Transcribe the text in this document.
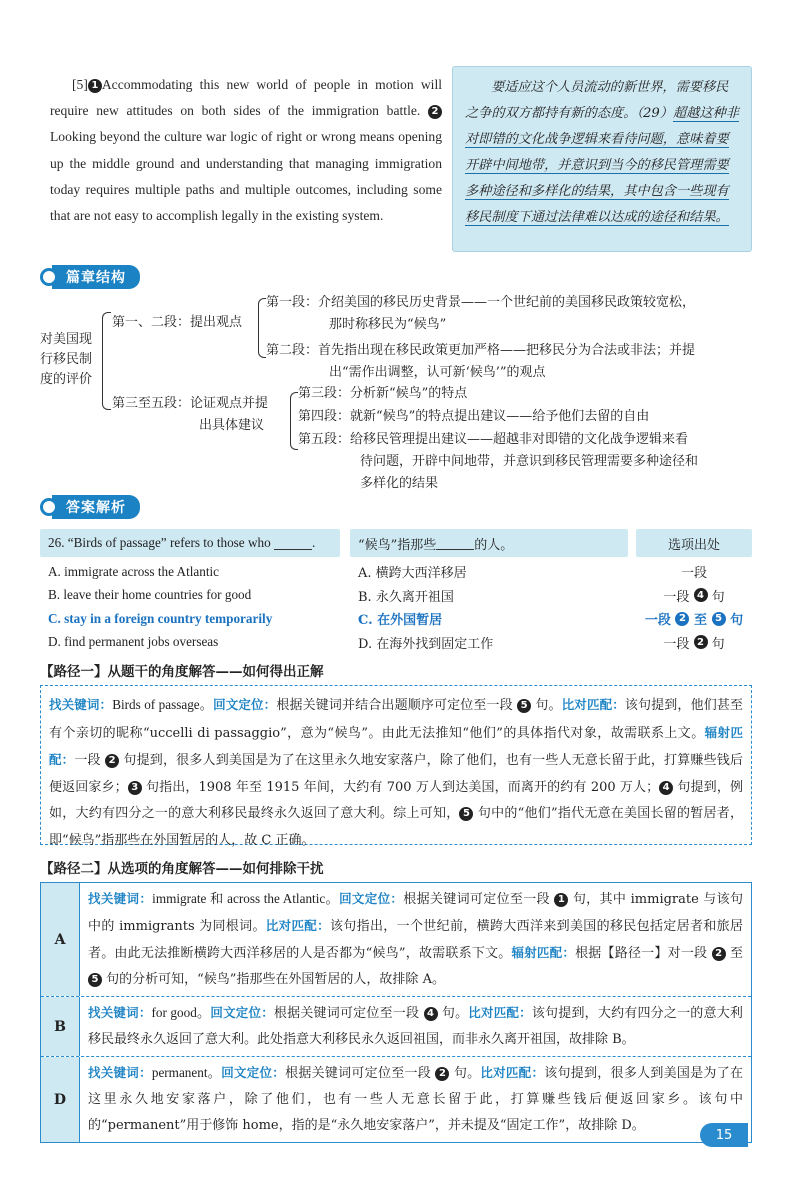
[5] 1 Accommodating this new world of people in motion will require new attitudes on both sides of the immigration battle. 2Looking beyond the culture war logic of right or wrong means opening up the middle ground and understanding that managing immigration today requires multiple paths and multiple outcomes, including some that are not easy to accomplish legally in the existing system.
要适应这个人员流动的新世界，需要移民之争的双方都持有新的态度。（29）超越这种非对即错的文化战争逻辑来看待问题，意味着要开辟中间地带，并意识到当今的移民管理需要多种途径和多样化的结果，其中包含一些现有移民制度下通过法律难以达成的途径和结果。
篇章结构
对美国现行移民制度的评价
第一、二段：提出观点
第一段：介绍美国的移民历史背景——一个世纪前的美国移民政策较宽松，
那时称移民为“候鸟”
第二段：首先指出现在移民政策更加严格——把移民分为合法或非法；并提
出“需作出调整，认可新‘候鸟’”的观点
第三至五段：论证观点并提
出具体建议
第三段：分析新“候鸟”的特点
第四段：就新“候鸟”的特点提出建议——给予他们去留的自由
第五段：给移民管理提出建议——超越非对即错的文化战争逻辑来看
待问题，开辟中间地带，并意识到移民管理需要多种途径和
多样化的结果
答案解析
26. “Birds of passage” refers to those who
	.
A. immigrate across the Atlantic
B. leave their home countries for good
C. stay in a foreign country temporarily
D. find permanent jobs overseas
“候鸟”指那些	的人。
A. 横跨大西洋移居
B. 永久离开祖国
C. 在外国暂居
D. 在海外找到固定工作
选项出处
一段
一段
4
句
一段
2
至
5 句
一段
2
句
【路径一】从题干的角度解答——如何得出正解
找关键词：Birds of passage。回文定位：根据关键词并结合出题顺序可定位至一段 5 句。比对匹配：该句提到，他们甚至有个亲切的昵称“uccelli di passaggio”，意为“候鸟”。由此无法推知“他们”的具体指代对象，故需联系上文。辐射匹配：一段 2 句提到，很多人到美国是为了在这里永久地安家落户，除了他们，也有一些人无意长留于此，打算赚些钱后便返回家乡； 3 句指出，1908 年至 1915 年间，大约有 700 万人到达美国，而离开的约有 200 万人； 4 句提到，例如，大约有四分之一的意大利移民最终永久返回了意大利。综上可知， 5 句中的“他们”指代无意在美国长留的暂居者，即“候鸟”指那些在外国暂居的人，故 C 正确。
【路径二】从选项的角度解答——如何排除干扰
A
找关键词：immigrate 和 across the Atlantic。回文定位：根据关键词可定位至一段 1 句，其中 immigrate 与该句中的 immigrants 为同根词。比对匹配：该句指出，一个世纪前，横跨大西洋来到美国的移民包括定居者和旅居者。由此无法推断横跨大西洋移居的人是否都为“候鸟”，故需联系下文。辐射匹配：根据【路径一】对一段 2 至 5 句的分析可知，“候鸟”指那些在外国暂居的人，故排除 A。
B
找关键词：for good。回文定位：根据关键词可定位至一段 4 句。比对匹配：该句提到，大约有四分之一的意大利移民最终永久返回了意大利。此处指意大利移民永久返回祖国，而非永久离开祖国，故排除 B。
D
找关键词：permanent。回文定位：根据关键词可定位至一段 2 句。比对匹配：该句提到，很多人到美国是为了在这里永久地安家落户，除了他们，也有一些人无意长留于此，打算赚些钱后便返回家乡。该句中的“permanent”用于修饰 home，指的是“永久地安家落户”，并未提及“固定工作”，故排除 D。
15
